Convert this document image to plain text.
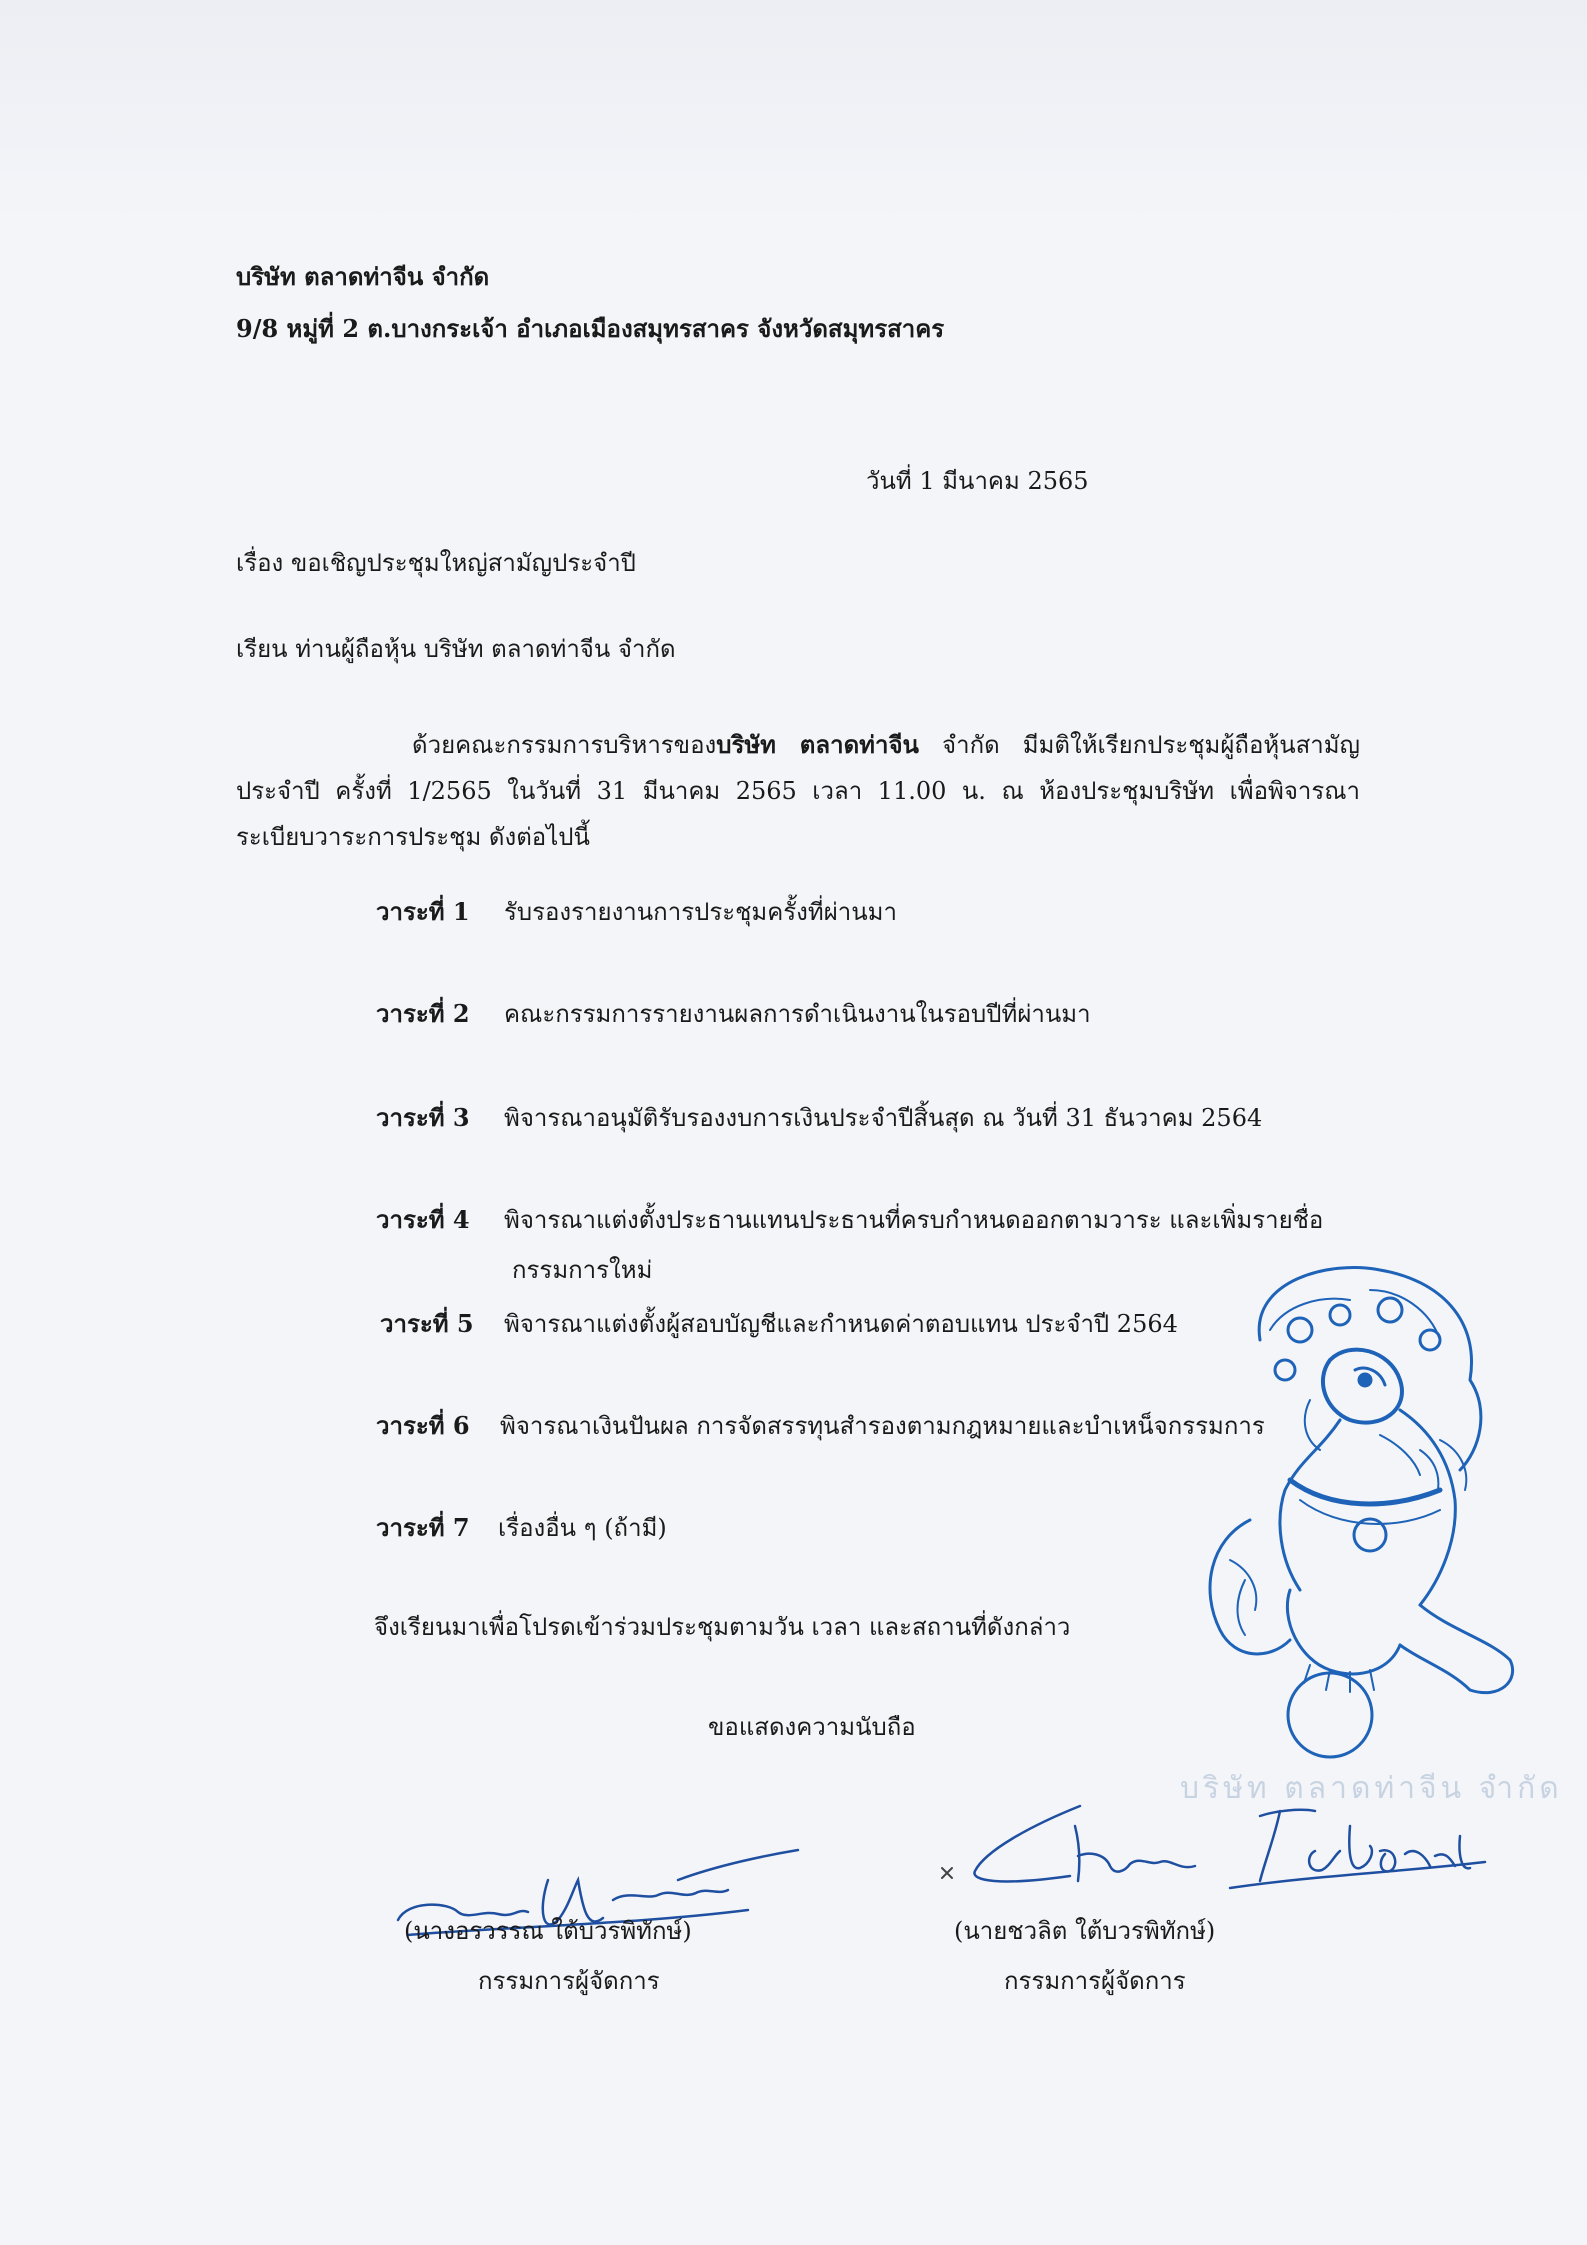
บริษัท ตลาดท่าจีน จำกัด
9/8 หมู่ที่ 2 ต.บางกระเจ้า อำเภอเมืองสมุทรสาคร จังหวัดสมุทรสาคร
วันที่ 1 มีนาคม 2565
เรื่อง ขอเชิญประชุมใหญ่สามัญประจำปี
เรียน ท่านผู้ถือหุ้น บริษัท ตลาดท่าจีน จำกัด
ด้วยคณะกรรมการบริหารของบริษัท ตลาดท่าจีน จำกัด มีมติให้เรียกประชุมผู้ถือหุ้นสามัญประจำปี ครั้งที่ 1/2565 ในวันที่ 31 มีนาคม 2565 เวลา 11.00 น. ณ ห้องประชุมบริษัท เพื่อพิจารณาระเบียบวาระการประชุม ดังต่อไปนี้
วาระที่ 1 รับรองรายงานการประชุมครั้งที่ผ่านมา
วาระที่ 2 คณะกรรมการรายงานผลการดำเนินงานในรอบปีที่ผ่านมา
วาระที่ 3 พิจารณาอนุมัติรับรองงบการเงินประจำปีสิ้นสุด ณ วันที่ 31 ธันวาคม 2564
วาระที่ 4 พิจารณาแต่งตั้งประธานแทนประธานที่ครบกำหนดออกตามวาระ และเพิ่มรายชื่อ
กรรมการใหม่
วาระที่ 5 พิจารณาแต่งตั้งผู้สอบบัญชีและกำหนดค่าตอบแทน ประจำปี 2564
วาระที่ 6 พิจารณาเงินปันผล การจัดสรรทุนสำรองตามกฎหมายและบำเหน็จกรรมการ
วาระที่ 7 เรื่องอื่น ๆ (ถ้ามี)
จึงเรียนมาเพื่อโปรดเข้าร่วมประชุมตามวัน เวลา และสถานที่ดังกล่าว
ขอแสดงความนับถือ
บริษัท ตลาดท่าจีน จำกัด
(นางอรวรรณ ใต้บวรพิทักษ์)
กรรมการผู้จัดการ
(นายชวลิต ใต้บวรพิทักษ์)
กรรมการผู้จัดการ
